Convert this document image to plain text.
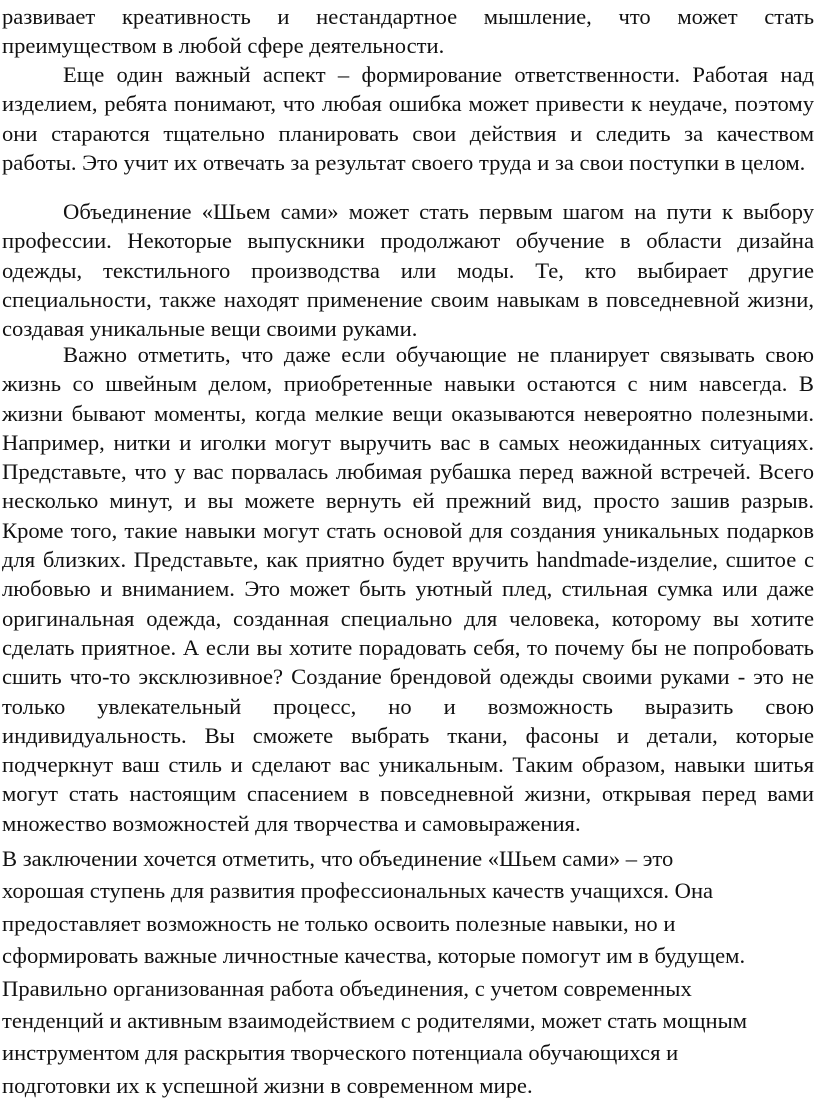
развивает креативность и нестандартное мышление, что может стать преимуществом в любой сфере деятельности.

Еще один важный аспект – формирование ответственности. Работая над изделием, ребята понимают, что любая ошибка может привести к неудаче, поэтому они стараются тщательно планировать свои действия и следить за качеством работы. Это учит их отвечать за результат своего труда и за свои поступки в целом.

Объединение «Шьем сами» может стать первым шагом на пути к выбору профессии. Некоторые выпускники продолжают обучение в области дизайна одежды, текстильного производства или моды. Те, кто выбирает другие специальности, также находят применение своим навыкам в повседневной жизни, создавая уникальные вещи своими руками.

Важно отметить, что даже если обучающие не планирует связывать свою жизнь со швейным делом, приобретенные навыки остаются с ним навсегда. В жизни бывают моменты, когда мелкие вещи оказываются невероятно полезными. Например, нитки и иголки могут выручить вас в самых неожиданных ситуациях. Представьте, что у вас порвалась любимая рубашка перед важной встречей. Всего несколько минут, и вы можете вернуть ей прежний вид, просто зашив разрыв. Кроме того, такие навыки могут стать основой для создания уникальных подарков для близких. Представьте, как приятно будет вручить handmade-изделие, сшитое с любовью и вниманием. Это может быть уютный плед, стильная сумка или даже оригинальная одежда, созданная специально для человека, которому вы хотите сделать приятное. А если вы хотите порадовать себя, то почему бы не попробовать сшить что-то эксклюзивное? Создание брендовой одежды своими руками - это не только увлекательный процесс, но и возможность выразить свою индивидуальность. Вы сможете выбрать ткани, фасоны и детали, которые подчеркнут ваш стиль и сделают вас уникальным. Таким образом, навыки шитья могут стать настоящим спасением в повседневной жизни, открывая перед вами множество возможностей для творчества и самовыражения.

В заключении хочется отметить, что объединение «Шьем сами» – это
хорошая ступень для развития профессиональных качеств учащихся. Она
предоставляет возможность не только освоить полезные навыки, но и
сформировать важные личностные качества, которые помогут им в будущем.
Правильно организованная работа объединения, с учетом современных
тенденций и активным взаимодействием с родителями, может стать мощным
инструментом для раскрытия творческого потенциала обучающихся и
подготовки их к успешной жизни в современном мире.
